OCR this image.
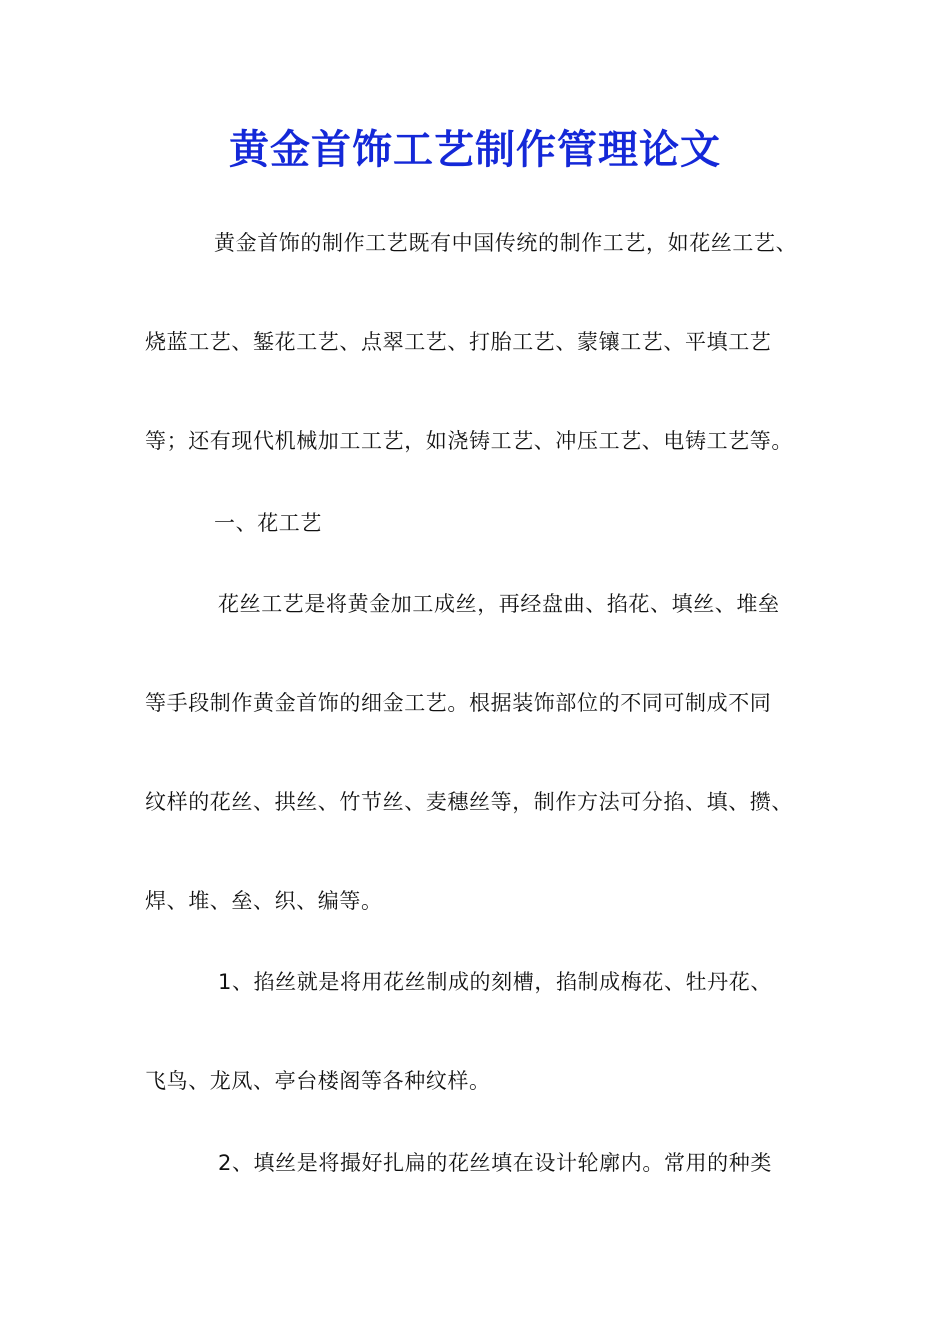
黄金首饰工艺制作管理论文
黄金首饰的制作工艺既有中国传统的制作工艺，如花丝工艺、
烧蓝工艺、錾花工艺、点翠工艺、打胎工艺、蒙镶工艺、平填工艺
等；还有现代机械加工工艺，如浇铸工艺、冲压工艺、电铸工艺等。
一、花工艺
花丝工艺是将黄金加工成丝，再经盘曲、掐花、填丝、堆垒
等手段制作黄金首饰的细金工艺。根据装饰部位的不同可制成不同
纹样的花丝、拱丝、竹节丝、麦穗丝等，制作方法可分掐、填、攒、
焊、堆、垒、织、编等。
1、掐丝就是将用花丝制成的刻槽，掐制成梅花、牡丹花、
飞鸟、龙凤、亭台楼阁等各种纹样。
2、填丝是将撮好扎扁的花丝填在设计轮廓内。常用的种类
